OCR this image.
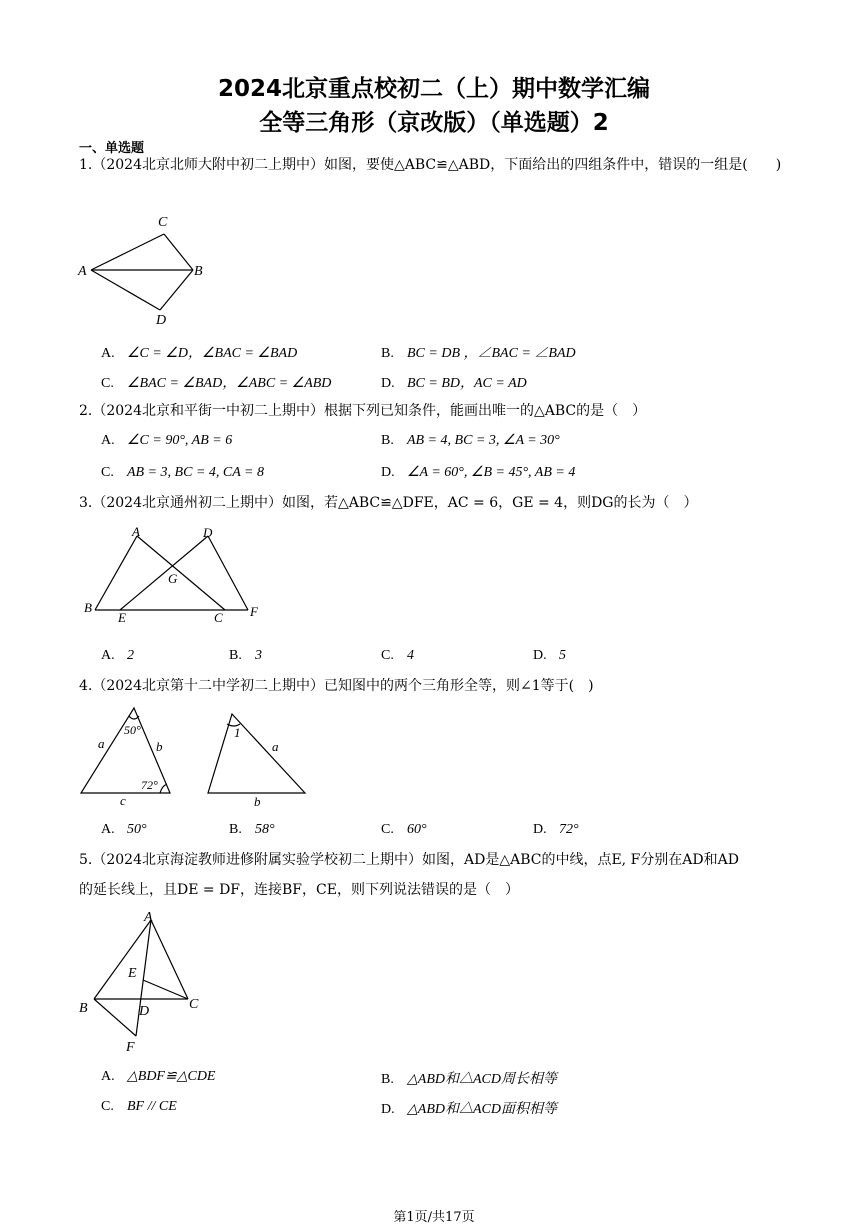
2024北京重点校初二（上）期中数学汇编
全等三角形（京改版）（单选题）2
一、单选题
1.（2024北京北师大附中初二上期中）如图，要使△ABC≌△ABD，下面给出的四组条件中，错误的一组是(　　)
C
A	B
D
A. ∠C = ∠D，∠BAC = ∠BAD	B. BC = DB ，∠BAC = ∠BAD
C. ∠BAC = ∠BAD，∠ABC = ∠ABD	D. BC = BD，AC = AD
2.（2024北京和平街一中初二上期中）根据下列已知条件，能画出唯一的△ABC的是（　）
A. ∠C = 90°, AB = 6	B. AB = 4, BC = 3, ∠A = 30°
C. AB = 3, BC = 4, CA = 8	D. ∠A = 60°, ∠B = 45°, AB = 4
3.（2024北京通州初二上期中）如图，若△ABC≌△DFE，AC = 6，GE = 4，则DG的长为（　）
A	D
G
B
E	C F
A. 2	B. 3	C. 4	D. 5
4.（2024北京第十二中学初二上期中）已知图中的两个三角形全等，则∠1等于(　)
50°
a	b
72°
c
1
a
b
A. 50°	B. 58°	C. 60°	D. 72°
5.（2024北京海淀教师进修附属实验学校初二上期中）如图，AD是△ABC的中线，点E, F分别在AD和AD
的延长线上，且DE = DF，连接BF，CE，则下列说法错误的是（　）
A
E
B	D	C
F
A. △BDF≌△CDE	B. △ABD和△ACD周长相等
C. BF // CE	D. △ABD和△ACD面积相等
第1页/共17页
